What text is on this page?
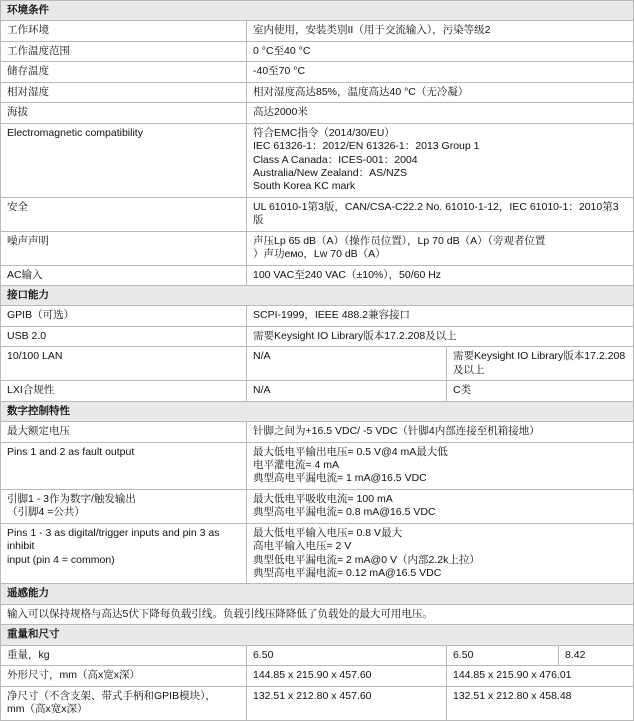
环境条件			
工作环境	室内使用，安装类别II（用于交流输入），污染等级2		
工作温度范围	0 °C至40 °C		
储存温度	-40至70 °C		
相对湿度	相对湿度高达85%，温度高达40 °C（无冷凝）		
海拔	高达2000米		
Electromagnetic compatibility	符合EMC指令（2014/30/EU）
IEC 61326-1：2012/EN 61326-1：2013 Group 1
Class A Canada：ICES-001：2004
Australia/New Zealand：AS/NZS
South Korea KC mark		

安全	UL 61010-1第3版，CAN/CSA-C22.2 No. 61010-1-12，IEC 61010-1：2010第3版		
噪声声明	声压Lp 65 dB（A）（操作员位置），Lp 70 dB（A）（旁观者位置
）声功емо，Lw 70 dB（A）		

AC输入	100 VAC至240 VAC（±10%），50/60 Hz		
接口能力			
GPIB（可选）	SCPI-1999，IEEE 488.2兼容接口		
USB 2.0	需要Keysight IO Library版本17.2.208及以上		
10/100 LAN	N/A	需要Keysight IO Library版本17.2.208及以上	
LXI合规性	N/A	C类	
数字控制特性			
最大额定电压	针脚之间为+16.5 VDC/ -5 VDC（针脚4内部连接至机箱接地）		
Pins 1 and 2 as fault output	最大低电平输出电压= 0.5 V@4 mA最大低
电平灌电流= 4 mA
典型高电平漏电流= 1 mA@16.5 VDC		

引脚1 - 3作为数字/触发输出
（引脚4 =公共）	最大低电平吸收电流= 100 mA
典型高电平漏电流= 0.8 mA@16.5 VDC		

Pins 1 - 3 as digital/trigger inputs and pin 3 as inhibit
input (pin 4 = common)	最大低电平输入电压= 0.8 V最大
高电平输入电压= 2 V
典型低电平漏电流= 2 mA@0 V（内部2.2k上拉）
典型高电平漏电流= 0.12 mA@16.5 VDC		

遥感能力			
输入可以保持规格与高达5伏下降每负载引线。负载引线压降降低了负载处的最大可用电压。			
重量和尺寸			
重量，kg	6.50	6.50	8.42
外形尺寸，mm（高x宽x深）	144.85 x 215.90 x 457.60	144.85 x 215.90 x 476.01	

净尺寸（不含支架、带式手柄和GPIB模块），
mm（高x宽x深）	132.51 x 212.80 x 457.60	132.51 x 212.80 x 458.48	
